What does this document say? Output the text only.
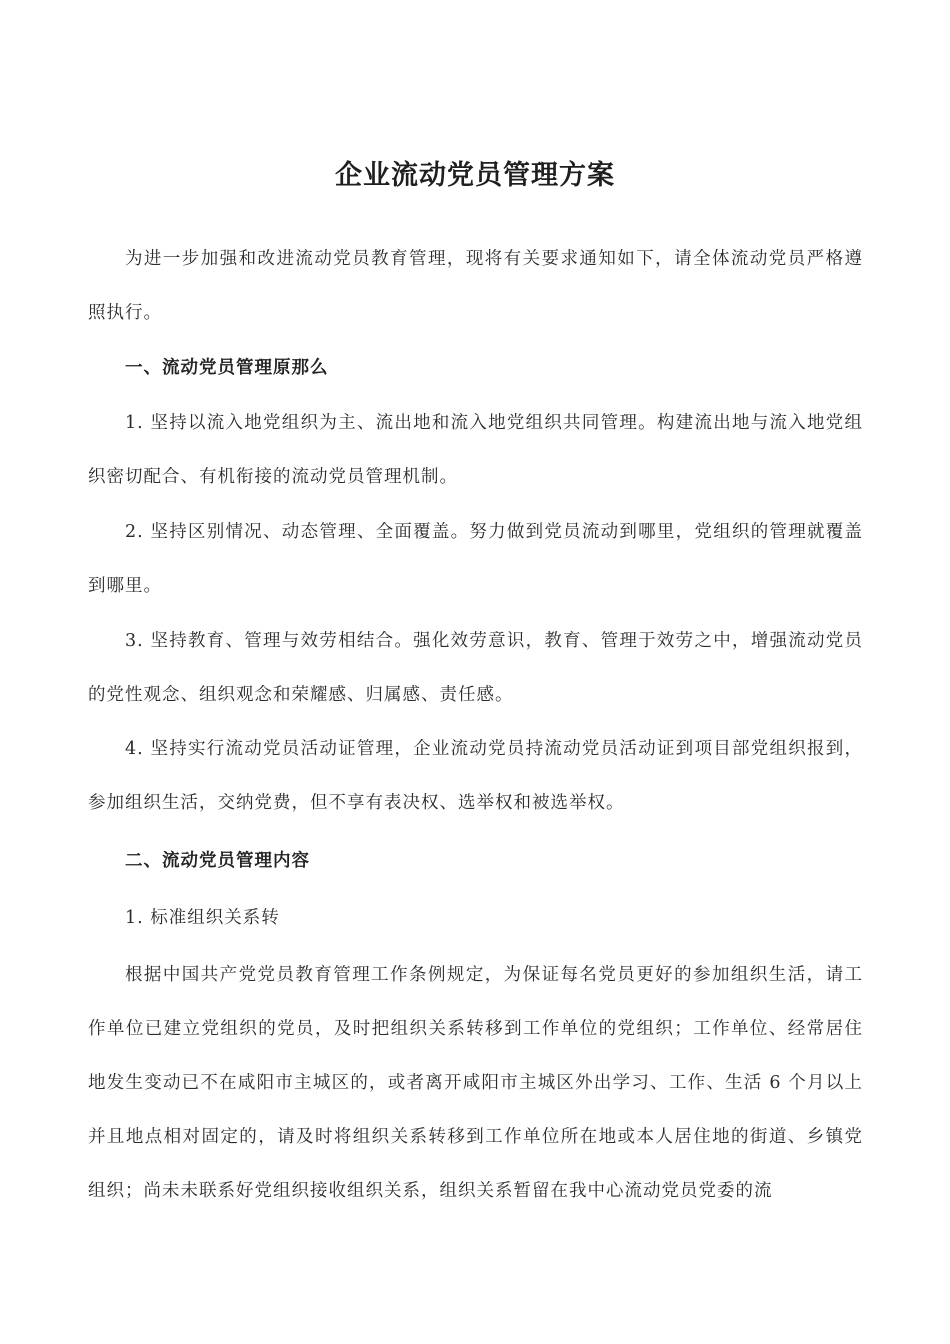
企业流动党员管理方案
为进一步加强和改进流动党员教育管理，现将有关要求通知如下，请全体流动党员严格遵照执行。
一、流动党员管理原那么
1. 坚持以流入地党组织为主、流出地和流入地党组织共同管理。构建流出地与流入地党组织密切配合、有机衔接的流动党员管理机制。
2. 坚持区别情况、动态管理、全面覆盖。努力做到党员流动到哪里，党组织的管理就覆盖到哪里。
3. 坚持教育、管理与效劳相结合。强化效劳意识，教育、管理于效劳之中，增强流动党员的党性观念、组织观念和荣耀感、归属感、责任感。
4. 坚持实行流动党员活动证管理，企业流动党员持流动党员活动证到项目部党组织报到，参加组织生活，交纳党费，但不享有表决权、选举权和被选举权。
二、流动党员管理内容
1. 标准组织关系转
根据中国共产党党员教育管理工作条例规定，为保证每名党员更好的参加组织生活，请工作单位已建立党组织的党员，及时把组织关系转移到工作单位的党组织；工作单位、经常居住地发生变动已不在咸阳市主城区的，或者离开咸阳市主城区外出学习、工作、生活 6 个月以上并且地点相对固定的，请及时将组织关系转移到工作单位所在地或本人居住地的街道、乡镇党组织；尚未未联系好党组织接收组织关系，组织关系暂留在我中心流动党员党委的流
